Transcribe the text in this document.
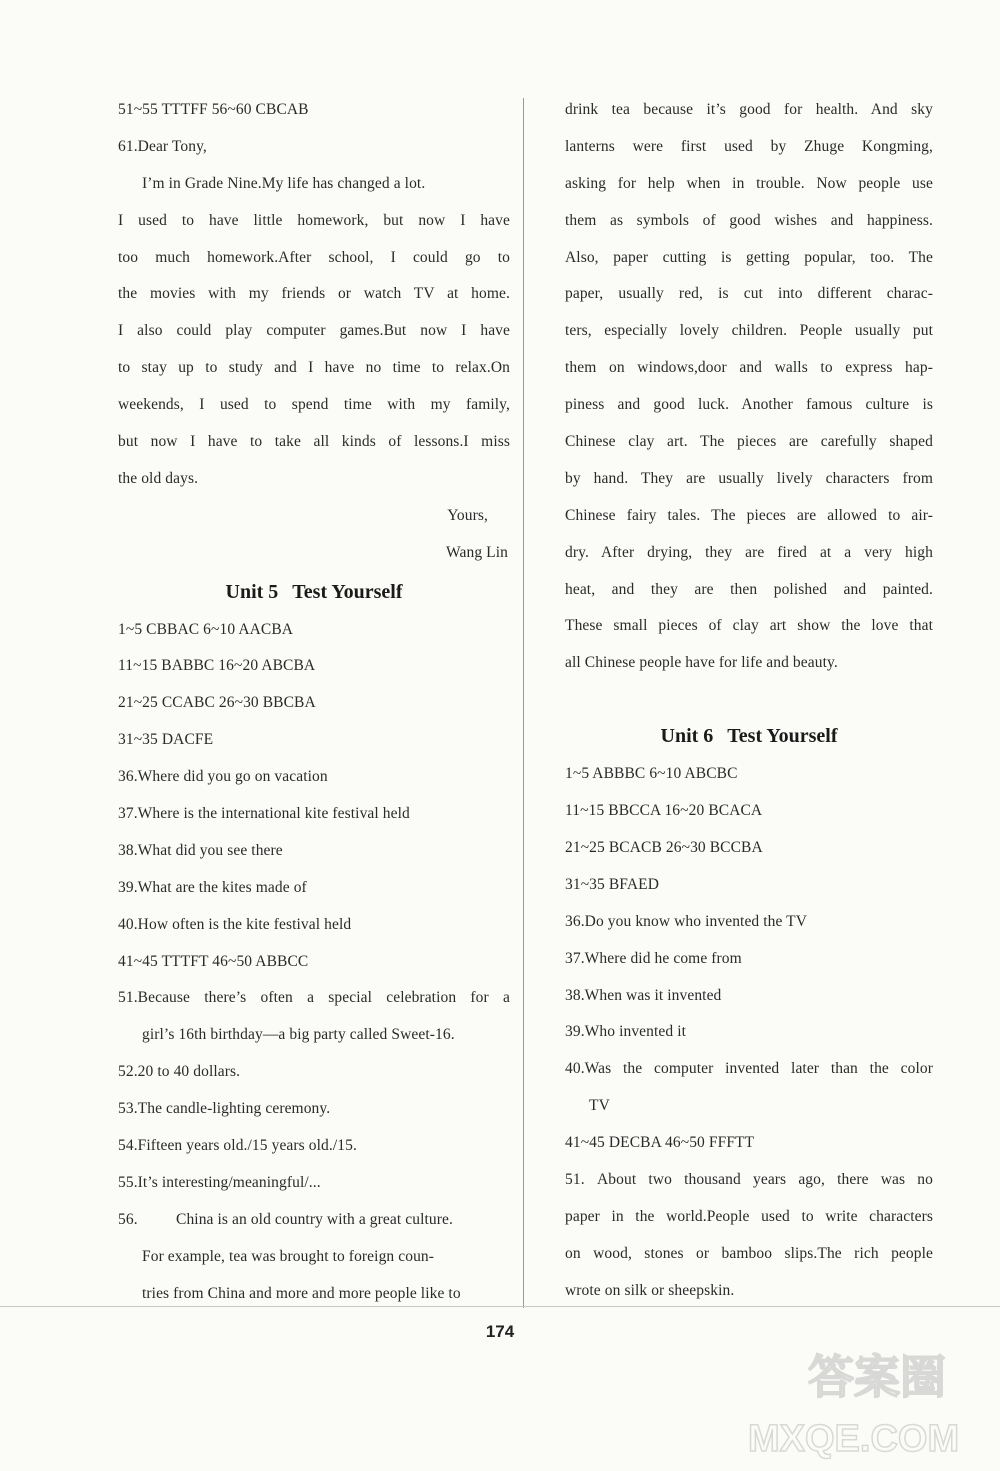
51~55 TTTFF 56~60 CBCAB
61.Dear Tony,
I’m in Grade Nine.My life has changed a lot.
I used to have little homework, but now I have
too much homework.After school, I could go to
the movies with my friends or watch TV at home.
I also could play computer games.But now I have
to stay up to study and I have no time to relax.On
weekends, I used to spend time with my family,
but now I have to take all kinds of lessons.I miss
the old days.
Yours,
Wang Lin
Unit 5 Test Yourself
1~5 CBBAC 6~10 AACBA
11~15 BABBC 16~20 ABCBA
21~25 CCABC 26~30 BBCBA
31~35 DACFE
36.Where did you go on vacation
37.Where is the international kite festival held
38.What did you see there
39.What are the kites made of
40.How often is the kite festival held
41~45 TTTFT 46~50 ABBCC
51.Because there’s often a special celebration for a
girl’s 16th birthday—a big party called Sweet-16.
52.20 to 40 dollars.
53.The candle-lighting ceremony.
54.Fifteen years old./15 years old./15.
55.It’s interesting/meaningful/...
56. China is an old country with a great culture.
For example, tea was brought to foreign coun-
tries from China and more and more people like to
drink tea because it’s good for health. And sky
lanterns were first used by Zhuge Kongming,
asking for help when in trouble. Now people use
them as symbols of good wishes and happiness.
Also, paper cutting is getting popular, too. The
paper, usually red, is cut into different charac-
ters, especially lovely children. People usually put
them on windows,door and walls to express hap-
piness and good luck. Another famous culture is
Chinese clay art. The pieces are carefully shaped
by hand. They are usually lively characters from
Chinese fairy tales. The pieces are allowed to air-
dry. After drying, they are fired at a very high
heat, and they are then polished and painted.
These small pieces of clay art show the love that
all Chinese people have for life and beauty.
Unit 6 Test Yourself
1~5 ABBBC 6~10 ABCBC
11~15 BBCCA 16~20 BCACA
21~25 BCACB 26~30 BCCBA
31~35 BFAED
36.Do you know who invented the TV
37.Where did he come from
38.When was it invented
39.Who invented it
40.Was the computer invented later than the color
TV
41~45 DECBA 46~50 FFFTT
51. About two thousand years ago, there was no
paper in the world.People used to write characters
on wood, stones or bamboo slips.The rich people
wrote on silk or sheepskin.
174
答案圈
MXQE.COM
